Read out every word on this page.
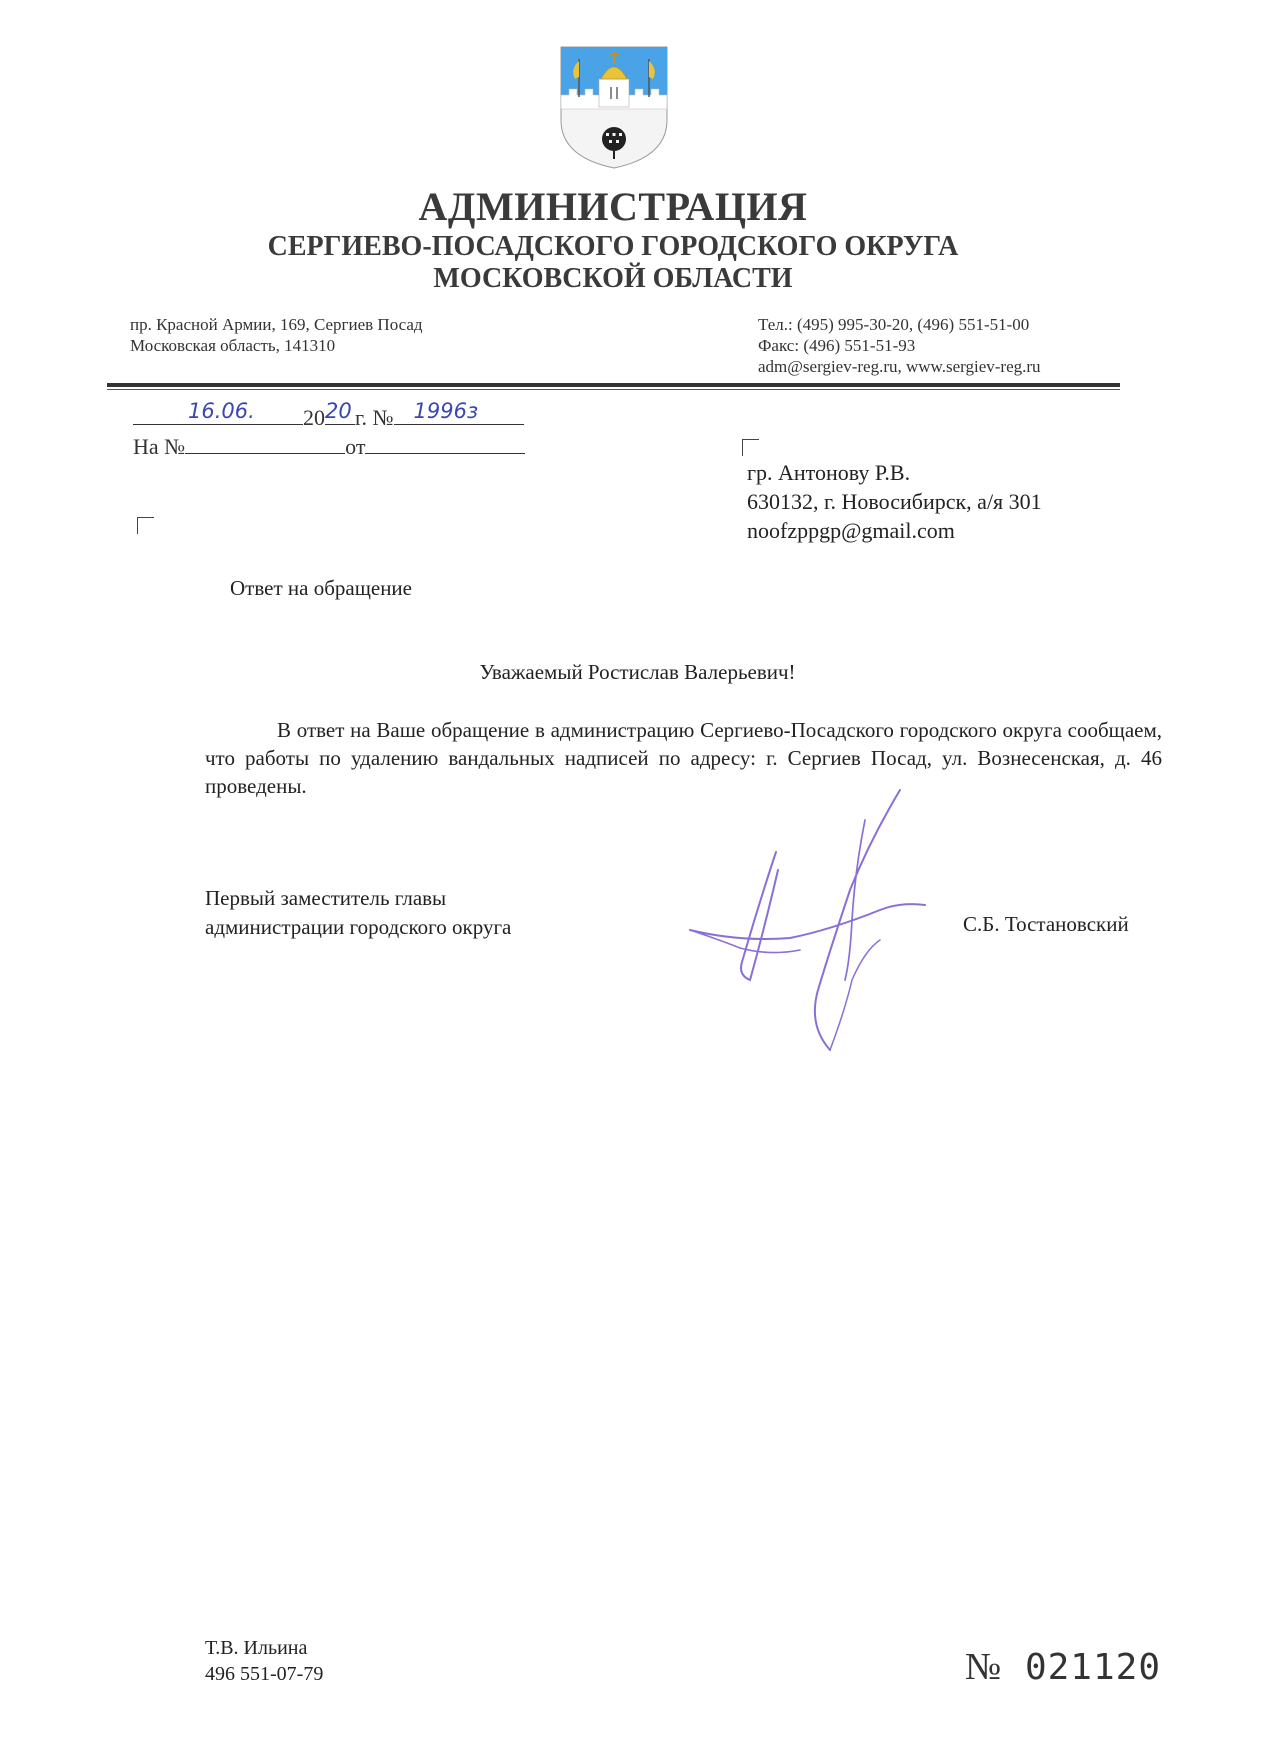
АДМИНИСТРАЦИЯ
СЕРГИЕВО-ПОСАДСКОГО ГОРОДСКОГО ОКРУГА
МОСКОВСКОЙ ОБЛАСТИ
пр. Красной Армии, 169, Сергиев Посад
Московская область, 141310
Тел.: (495) 995-30-20, (496) 551-51-00
Факс: (496) 551-51-93
adm@sergiev-reg.ru, www.sergiev-reg.ru
16.06. 20 20 г. № 1996з
На №	от
гр. Антонову Р.В.
630132, г. Новосибирск, а/я 301
noofzppgp@gmail.com
Ответ на обращение
Уважаемый Ростислав Валерьевич!
В ответ на Ваше обращение в администрацию Сергиево-Посадского городского округа сообщаем, что работы по удалению вандальных надписей по адресу: г. Сергиев Посад, ул. Вознесенская, д. 46 проведены.
Первый заместитель главы
администрации городского округа	С.Б. Тостановский
Т.В. Ильина
496 551-07-79	№ 021120
